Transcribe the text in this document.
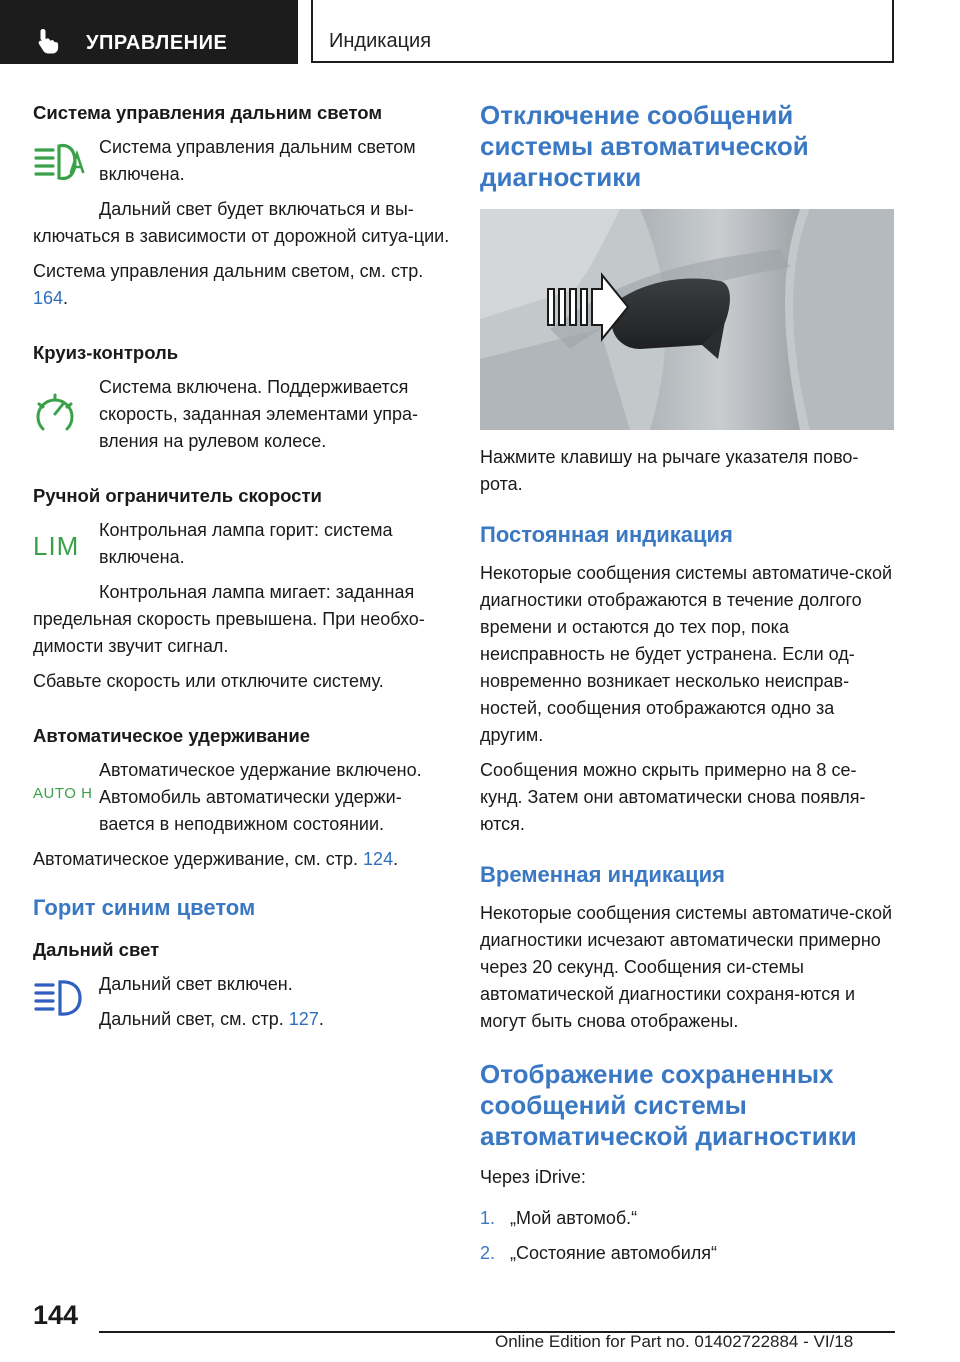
УПРАВЛЕНИЕ	Индикация
Система управления дальним светом
Система управления дальним светом включена.
Дальний свет будет включаться и вы-ключаться в зависимости от дорожной ситуа-ции.
Система управления дальним светом, см. стр. 164.
Круиз-контроль
Система включена. Поддерживается скорость, заданная элементами упра-вления на рулевом колесе.
Ручной ограничитель скорости
LIM
Контрольная лампа горит: система включена.
Контрольная лампа мигает: заданная предельная скорость превышена. При необхо-димости звучит сигнал.
Сбавьте скорость или отключите систему.
Автоматическое удерживание
AUTO H
Автоматическое удержание включено. Автомобиль автоматически удержи-вается в неподвижном состоянии.
Автоматическое удерживание, см. стр. 124.
Горит синим цветом
Дальний свет
Дальний свет включен.
Дальний свет, см. стр. 127.
Отключение сообщений системы автоматической диагностики
Нажмите клавишу на рычаге указателя пово-рота.
Постоянная индикация
Некоторые сообщения системы автоматиче-ской диагностики отображаются в течение долгого времени и остаются до тех пор, пока неисправность не будет устранена. Если од-новременно возникает несколько неисправ-ностей, сообщения отображаются одно за другим.
Сообщения можно скрыть примерно на 8 се-кунд. Затем они автоматически снова появля-ются.
Временная индикация
Некоторые сообщения системы автоматиче-ской диагностики исчезают автоматически примерно через 20 секунд. Сообщения си-стемы автоматической диагностики сохраня-ются и могут быть снова отображены.
Отображение сохраненных сообщений системы автоматической диагностики
Через iDrive:
1. „Мой автомоб.“
2. „Состояние автомобиля“
144
Online Edition for Part no. 01402722884 - VI/18
